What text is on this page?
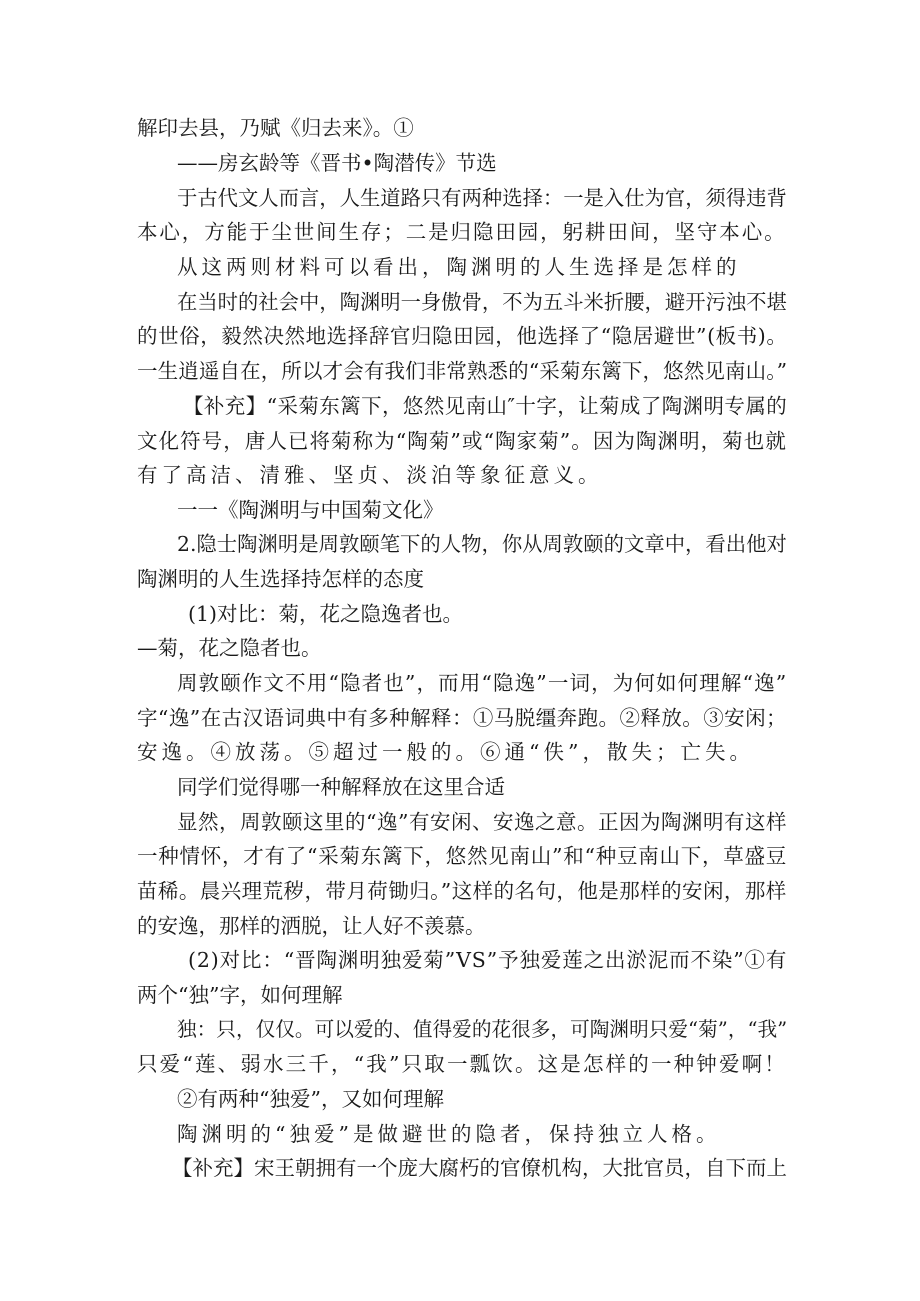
解印去县，乃赋《归去来》。①
——房玄龄等《晋书•陶潜传》节选
于古代文人而言，人生道路只有两种选择：一是入仕为官，须得违背
本心，方能于尘世间生存；二是归隐田园，躬耕田间，坚守本心。
从这两则材料可以看出，陶渊明的人生选择是怎样的
在当时的社会中，陶渊明一身傲骨，不为五斗米折腰，避开污浊不堪
的世俗，毅然决然地选择辞官归隐田园，他选择了“隐居避世”(板书)。
一生逍遥自在，所以才会有我们非常熟悉的“采菊东篱下，悠然见南山。”
【补充】“采菊东篱下，悠然见南山″十字，让菊成了陶渊明专属的
文化符号，唐人已将菊称为“陶菊”或“陶家菊”。因为陶渊明，菊也就
有了高洁、清雅、坚贞、淡泊等象征意义。
一一《陶渊明与中国菊文化》
2.隐士陶渊明是周敦颐笔下的人物，你从周敦颐的文章中，看出他对
陶渊明的人生选择持怎样的态度
(1)对比：菊，花之隐逸者也。
—菊，花之隐者也。
周敦颐作文不用“隐者也”，而用“隐逸”一词，为何如何理解“逸”
字“逸”在古汉语词典中有多种解释：①马脱缰奔跑。②释放。③安闲；
安逸。④放荡。⑤超过一般的。⑥通“佚”，散失；亡失。
同学们觉得哪一种解释放在这里合适
显然，周敦颐这里的“逸”有安闲、安逸之意。正因为陶渊明有这样
一种情怀，才有了“采菊东篱下，悠然见南山”和“种豆南山下，草盛豆
苗稀。晨兴理荒秽，带月荷锄归。”这样的名句，他是那样的安闲，那样
的安逸，那样的洒脱，让人好不羡慕。
(2)对比：“晋陶渊明独爱菊”VS”予独爱莲之出淤泥而不染”①有
两个“独”字，如何理解
独：只，仅仅。可以爱的、值得爱的花很多，可陶渊明只爱“菊”，“我”
只爱“莲、弱水三千，“我”只取一瓢饮。这是怎样的一种钟爱啊！
②有两种“独爱”，又如何理解
陶渊明的“独爱”是做避世的隐者，保持独立人格。
【补充】宋王朝拥有一个庞大腐朽的官僚机构，大批官员，自下而上
